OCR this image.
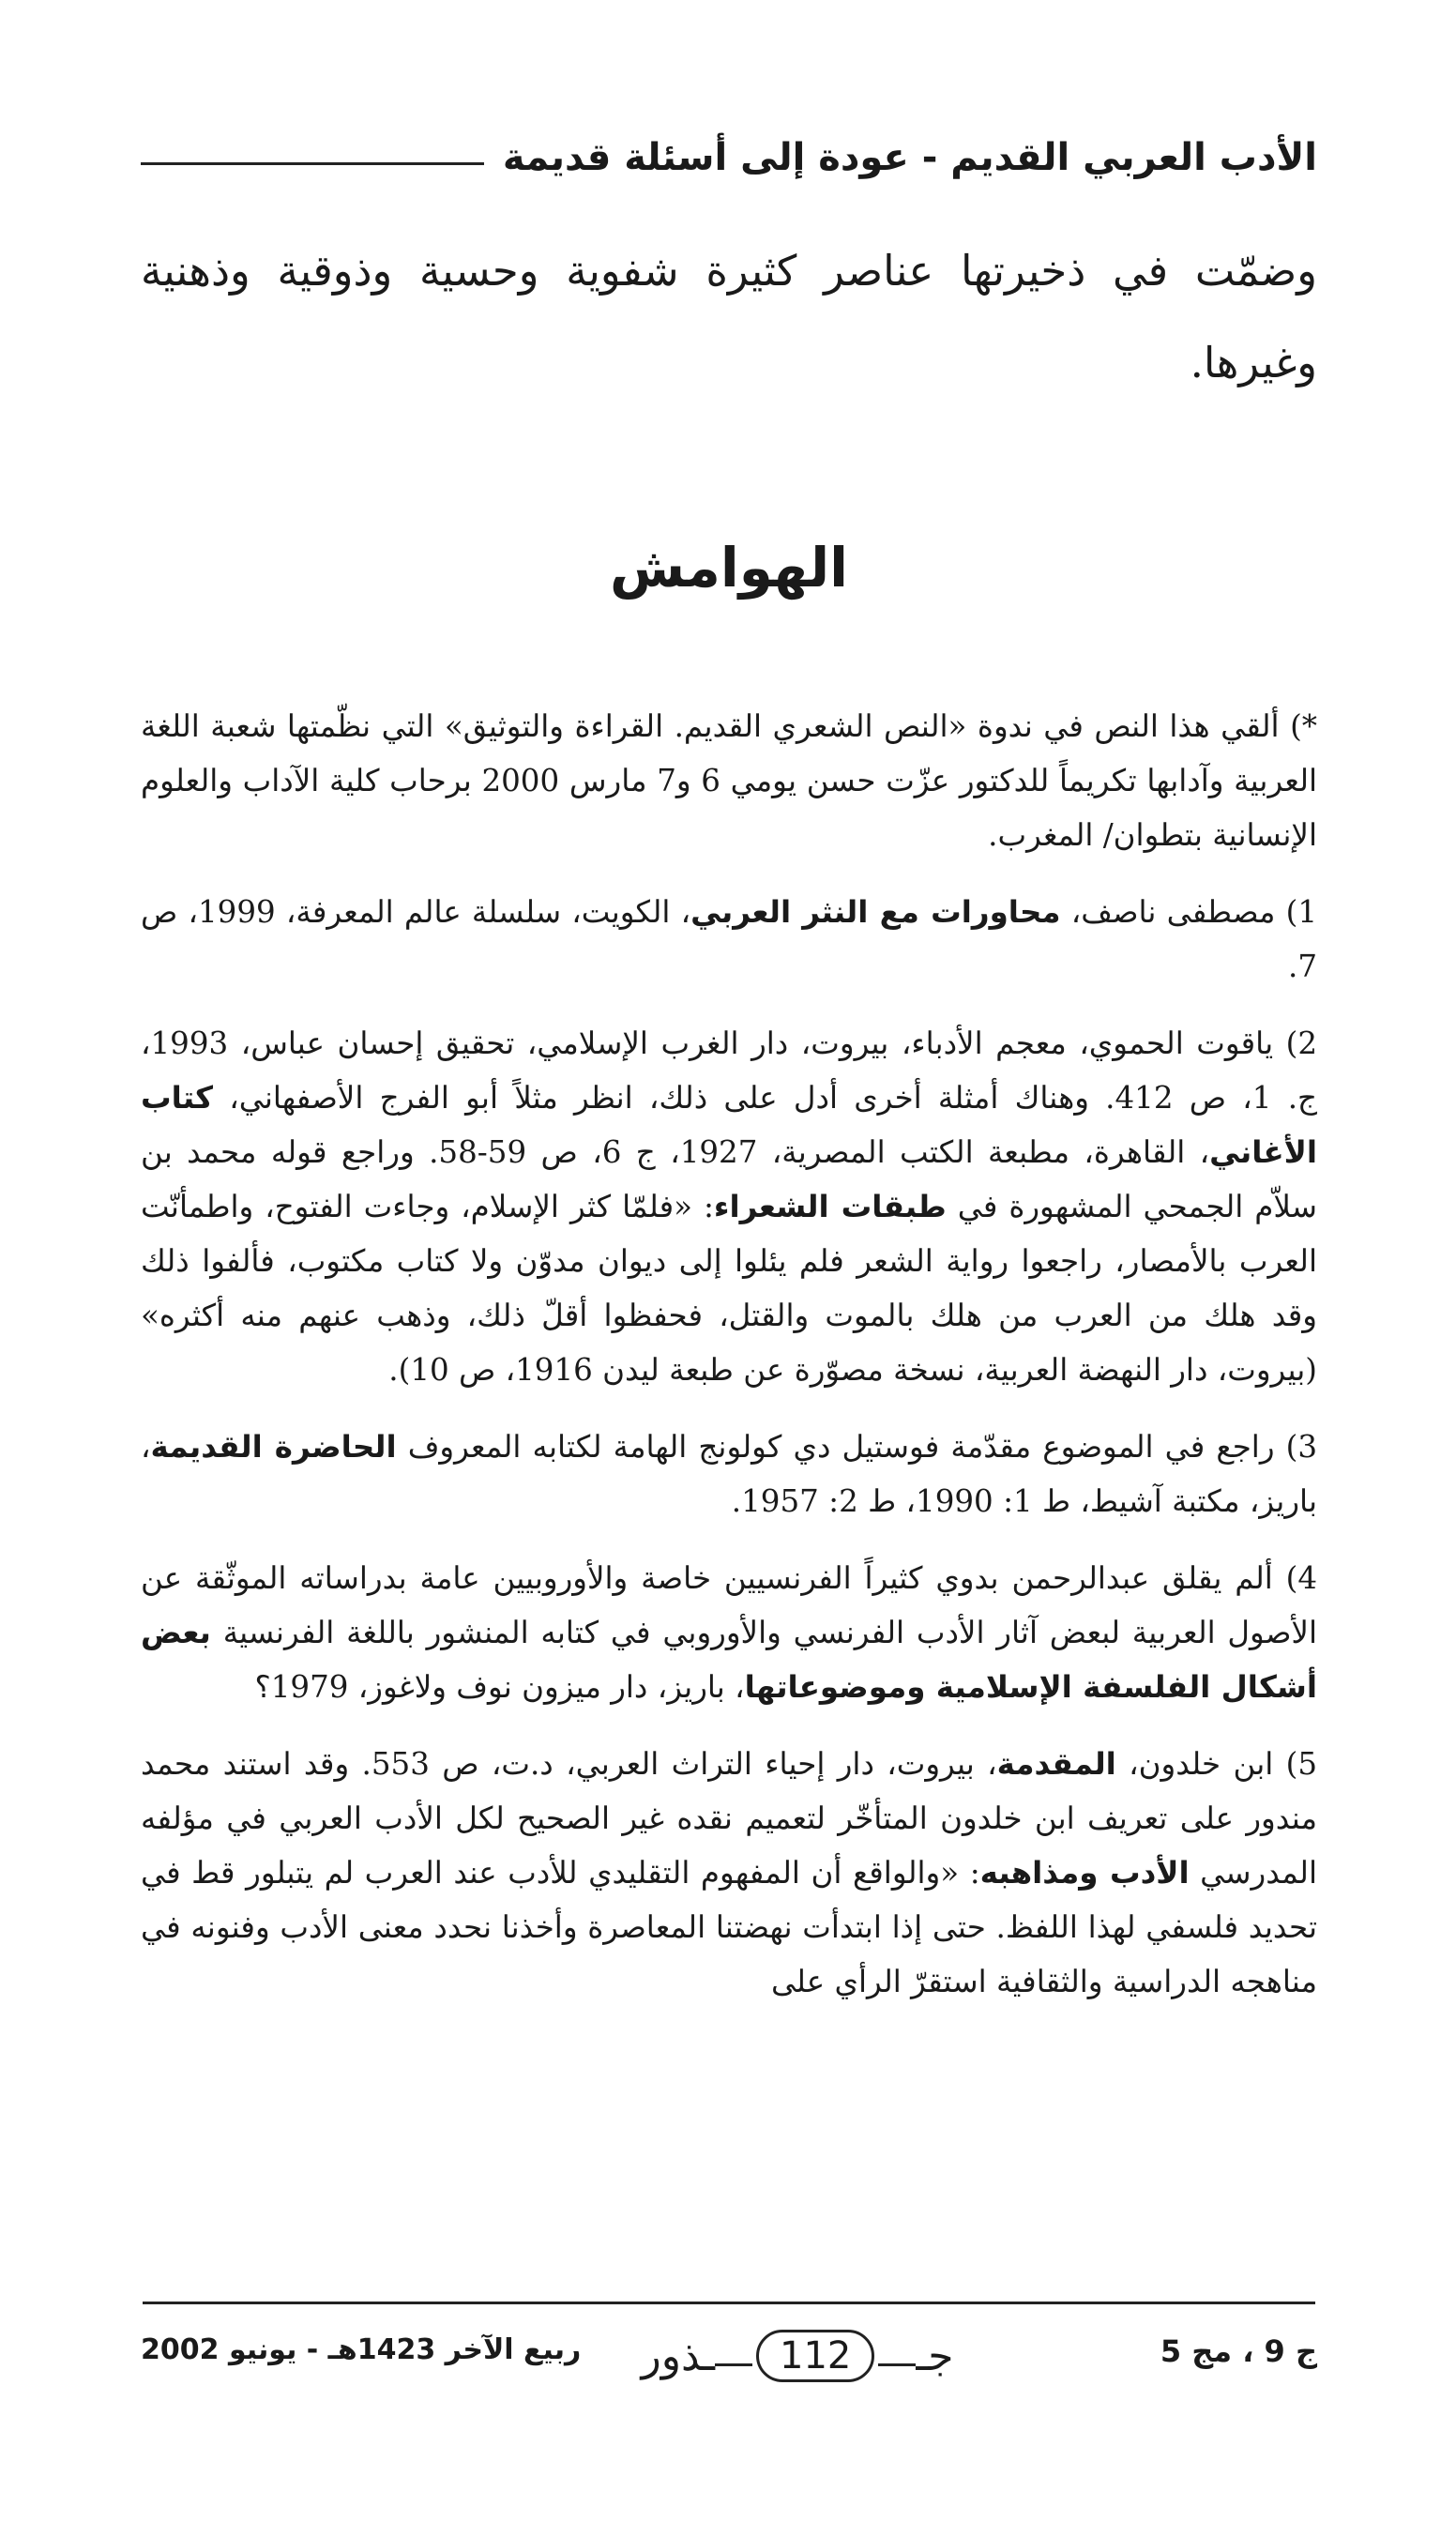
الأدب العربي القديم - عودة إلى أسئلة قديمة

وضمّت في ذخيرتها عناصر كثيرة شفوية وحسية وذوقية وذهنية وغيرها.

الهوامش

*) ألقي هذا النص في ندوة «النص الشعري القديم. القراءة والتوثيق» التي نظّمتها شعبة اللغة العربية وآدابها تكريماً للدكتور عزّت حسن يومي 6 و7 مارس 2000 برحاب كلية الآداب والعلوم الإنسانية بتطوان/ المغرب.

1) مصطفى ناصف، محاورات مع النثر العربي، الكويت، سلسلة عالم المعرفة، 1999، ص 7.

2) ياقوت الحموي، معجم الأدباء، بيروت، دار الغرب الإسلامي، تحقيق إحسان عباس، 1993، ج. 1، ص 412. وهناك أمثلة أخرى أدل على ذلك، انظر مثلاً أبو الفرج الأصفهاني، كتاب الأغاني، القاهرة، مطبعة الكتب المصرية، 1927، ج 6، ص 59-58. وراجع قوله محمد بن سلاّم الجمحي المشهورة في طبقات الشعراء: «فلمّا كثر الإسلام، وجاءت الفتوح، واطمأنّت العرب بالأمصار، راجعوا رواية الشعر فلم يئلوا إلى ديوان مدوّن ولا كتاب مكتوب، فألفوا ذلك وقد هلك من العرب من هلك بالموت والقتل، فحفظوا أقلّ ذلك، وذهب عنهم منه أكثره» (بيروت، دار النهضة العربية، نسخة مصوّرة عن طبعة ليدن 1916، ص 10).

3) راجع في الموضوع مقدّمة فوستيل دي كولونج الهامة لكتابه المعروف الحاضرة القديمة، باريز، مكتبة آشيط، ط 1: 1990، ط 2: 1957.

4) ألم يقلق عبدالرحمن بدوي كثيراً الفرنسيين خاصة والأوروبيين عامة بدراساته الموثّقة عن الأصول العربية لبعض آثار الأدب الفرنسي والأوروبي في كتابه المنشور باللغة الفرنسية بعض أشكال الفلسفة الإسلامية وموضوعاتها، باريز، دار ميزون نوف ولاغوز، 1979؟

5) ابن خلدون، المقدمة، بيروت، دار إحياء التراث العربي، د.ت، ص 553. وقد استند محمد مندور على تعريف ابن خلدون المتأخّر لتعميم نقده غير الصحيح لكل الأدب العربي في مؤلفه المدرسي الأدب ومذاهبه: «والواقع أن المفهوم التقليدي للأدب عند العرب لم يتبلور قط في تحديد فلسفي لهذا اللفظ. حتى إذا ابتدأت نهضتنا المعاصرة وأخذنا نحدد معنى الأدب وفنونه في مناهجه الدراسية والثقافية استقرّ الرأي على

ج 9 ، مج 5
جـ
112
ـذور
ربيع الآخر 1423هـ - يونيو 2002
